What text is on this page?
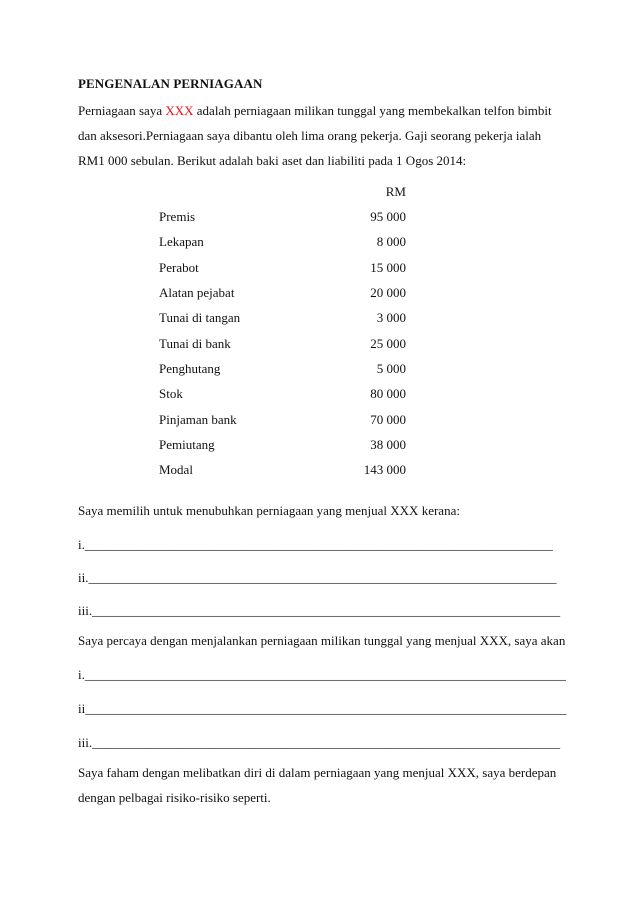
PENGENALAN PERNIAGAAN
Perniagaan saya XXX adalah perniagaan milikan tunggal yang membekalkan telfon bimbit
dan aksesori.Perniagaan saya dibantu oleh lima orang pekerja. Gaji seorang pekerja ialah
RM1 000 sebulan. Berikut adalah baki aset dan liabiliti pada 1 Ogos 2014:
RM
Premis	95 000
Lekapan	8 000
Perabot	15 000
Alatan pejabat	20 000
Tunai di tangan	3 000
Tunai di bank	25 000
Penghutang	5 000
Stok	80 000
Pinjaman bank	70 000
Pemiutang	38 000
Modal	143 000
Saya memilih untuk menubuhkan perniagaan yang menjual XXX kerana:
i.________________________________________________________________________
ii.________________________________________________________________________
iii.________________________________________________________________________
Saya percaya dengan menjalankan perniagaan milikan tunggal yang menjual XXX, saya akan
i.__________________________________________________________________________
ii__________________________________________________________________________
iii.________________________________________________________________________
Saya faham dengan melibatkan diri di dalam perniagaan yang menjual XXX, saya berdepan
dengan pelbagai risiko-risiko seperti.
